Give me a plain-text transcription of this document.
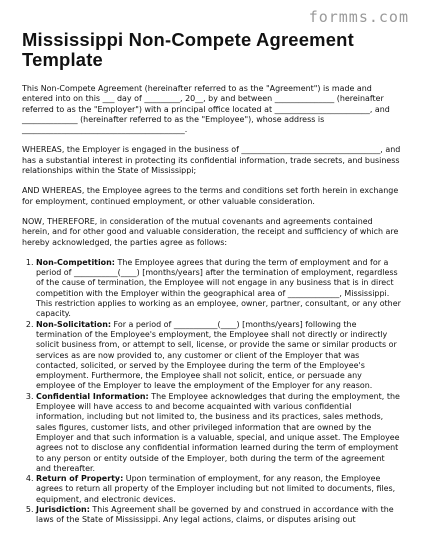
formms.com
Mississippi Non-Compete Agreement Template

This Non-Compete Agreement (hereinafter referred to as the "Agreement") is made and entered into on this ___ day of _________, 20__, by and between _______________ (hereinafter referred to as the "Employer") with a principal office located at ________________________, and ______________ (hereinafter referred to as the "Employee"), whose address is _________________________________________.

WHEREAS, the Employer is engaged in the business of ___________________________________, and has a substantial interest in protecting its confidential information, trade secrets, and business relationships within the State of Mississippi;

AND WHEREAS, the Employee agrees to the terms and conditions set forth herein in exchange for employment, continued employment, or other valuable consideration.

NOW, THEREFORE, in consideration of the mutual covenants and agreements contained herein, and for other good and valuable consideration, the receipt and sufficiency of which are hereby acknowledged, the parties agree as follows:

1. Non-Competition: The Employee agrees that during the term of employment and for a period of ___________(____) [months/years] after the termination of employment, regardless of the cause of termination, the Employee will not engage in any business that is in direct competition with the Employer within the geographical area of _____________, Mississippi. This restriction applies to working as an employee, owner, partner, consultant, or any other capacity.
2. Non-Solicitation: For a period of ___________(____) [months/years] following the termination of the Employee's employment, the Employee shall not directly or indirectly solicit business from, or attempt to sell, license, or provide the same or similar products or services as are now provided to, any customer or client of the Employer that was contacted, solicited, or served by the Employee during the term of the Employee's employment. Furthermore, the Employee shall not solicit, entice, or persuade any employee of the Employer to leave the employment of the Employer for any reason.
3. Confidential Information: The Employee acknowledges that during the employment, the Employee will have access to and become acquainted with various confidential information, including but not limited to, the business and its practices, sales methods, sales figures, customer lists, and other privileged information that are owned by the Employer and that such information is a valuable, special, and unique asset. The Employee agrees not to disclose any confidential information learned during the term of employment to any person or entity outside of the Employer, both during the term of the agreement and thereafter.
4. Return of Property: Upon termination of employment, for any reason, the Employee agrees to return all property of the Employer including but not limited to documents, files, equipment, and electronic devices.
5. Jurisdiction: This Agreement shall be governed by and construed in accordance with the laws of the State of Mississippi. Any legal actions, claims, or disputes arising out
